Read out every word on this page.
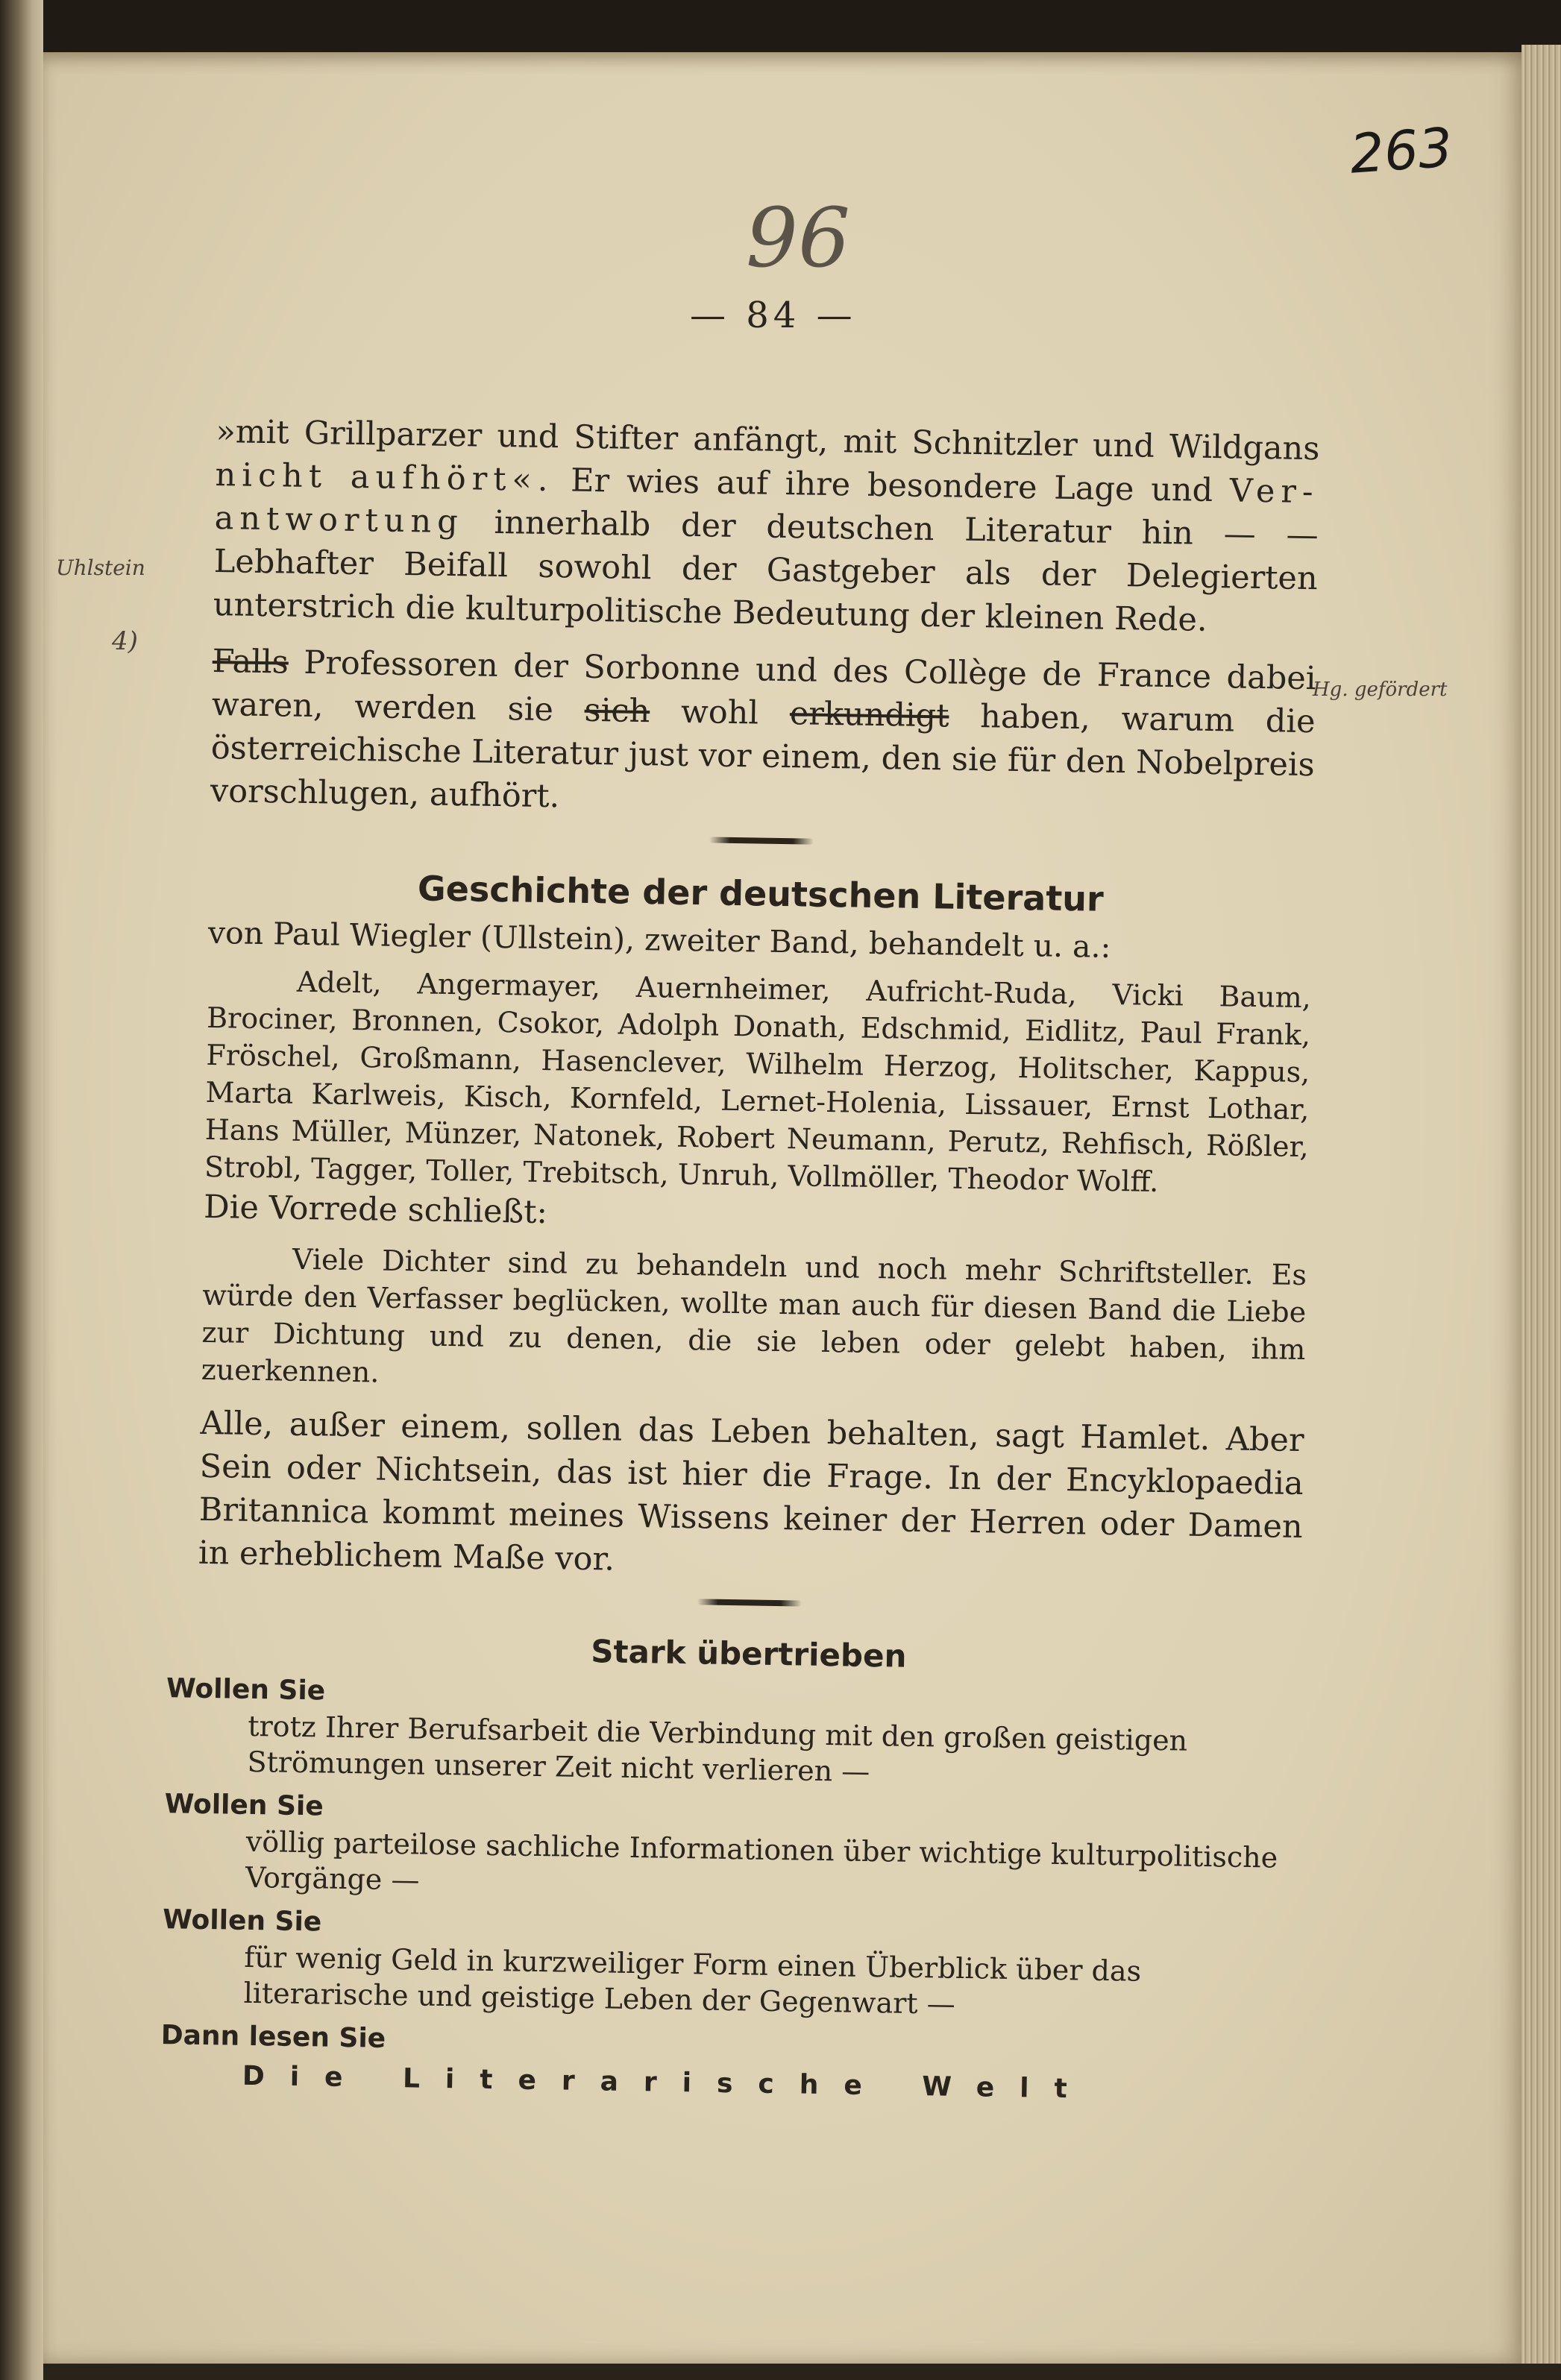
263
96
— 84 —
Uhlstein
4)
Hg. gefördert

»mit Grillparzer und Stifter anfängt, mit Schnitzler und Wildgans nicht aufhört«. Er wies auf ihre besondere Lage und Ver- antwortung innerhalb der deutschen Literatur hin — — Lebhafter Beifall sowohl der Gastgeber als der Delegierten unterstrich die kulturpolitische Bedeutung der kleinen Rede.

Falls Professoren der Sorbonne und des Collège de France dabei waren, werden sie sich wohl erkundigt haben, warum die österreichische Literatur just vor einem, den sie für den Nobelpreis vorschlugen, aufhört.

Geschichte der deutschen Literatur

von Paul Wiegler (Ullstein), zweiter Band, behandelt u. a.:

Adelt, Angermayer, Auernheimer, Aufricht-Ruda, Vicki Baum, Brociner, Bronnen, Csokor, Adolph Donath, Edschmid, Eidlitz, Paul Frank, Fröschel, Großmann, Hasenclever, Wilhelm Herzog, Holitscher, Kappus, Marta Karlweis, Kisch, Kornfeld, Lernet-Holenia, Lissauer, Ernst Lothar, Hans Müller, Münzer, Natonek, Robert Neumann, Perutz, Rehfisch, Rößler, Strobl, Tagger, Toller, Trebitsch, Unruh, Vollmöller, Theodor Wolff.

Die Vorrede schließt:

Viele Dichter sind zu behandeln und noch mehr Schriftsteller. Es würde den Verfasser beglücken, wollte man auch für diesen Band die Liebe zur Dichtung und zu denen, die sie leben oder gelebt haben, ihm zuerkennen.

Alle, außer einem, sollen das Leben behalten, sagt Hamlet. Aber Sein oder Nichtsein, das ist hier die Frage. In der Encyklopaedia Britannica kommt meines Wissens keiner der Herren oder Damen in erheblichem Maße vor.

Stark übertrieben
Wollen Sie

trotz Ihrer Berufsarbeit die Verbindung mit den großen geistigen Strömungen unserer Zeit nicht verlieren —

Wollen Sie

völlig parteilose sachliche Informationen über wichtige kulturpolitische Vorgänge —

Wollen Sie

für wenig Geld in kurzweiliger Form einen Überblick über das literarische und geistige Leben der Gegenwart —

Dann lesen Sie
Die Literarische Welt
